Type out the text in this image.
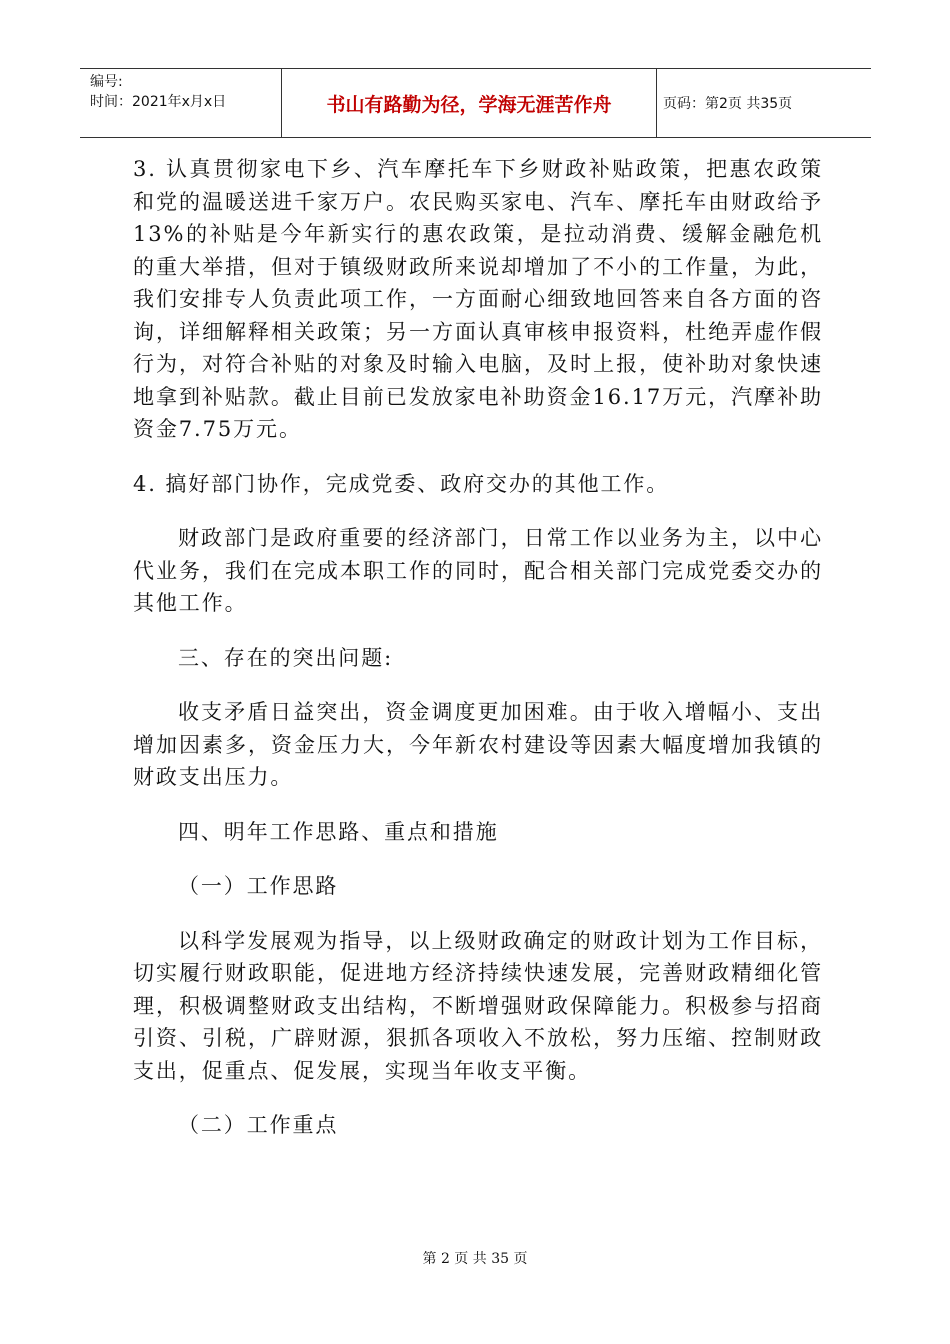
编号:
时间：2021年x月x日	书山有路勤为径，学海无涯苦作舟	页码：第2页 共35页

3. 认真贯彻家电下乡、汽车摩托车下乡财政补贴政策，把惠农政策和党的温暖送进千家万户。农民购买家电、汽车、摩托车由财政给予13%的补贴是今年新实行的惠农政策，是拉动消费、缓解金融危机的重大举措，但对于镇级财政所来说却增加了不小的工作量，为此，我们安排专人负责此项工作，一方面耐心细致地回答来自各方面的咨询，详细解释相关政策；另一方面认真审核申报资料，杜绝弄虚作假行为，对符合补贴的对象及时输入电脑，及时上报，使补助对象快速地拿到补贴款。截止目前已发放家电补助资金16.17万元，汽摩补助资金7.75万元。

4. 搞好部门协作，完成党委、政府交办的其他工作。

财政部门是政府重要的经济部门，日常工作以业务为主，以中心代业务，我们在完成本职工作的同时，配合相关部门完成党委交办的其他工作。

三、存在的突出问题:

收支矛盾日益突出，资金调度更加困难。由于收入增幅小、支出增加因素多，资金压力大，今年新农村建设等因素大幅度增加我镇的财政支出压力。

四、明年工作思路、重点和措施

（一）工作思路

以科学发展观为指导，以上级财政确定的财政计划为工作目标，切实履行财政职能，促进地方经济持续快速发展，完善财政精细化管理，积极调整财政支出结构，不断增强财政保障能力。积极参与招商引资、引税，广辟财源，狠抓各项收入不放松，努力压缩、控制财政支出，促重点、促发展，实现当年收支平衡。

（二）工作重点

第 2 页 共 35 页
